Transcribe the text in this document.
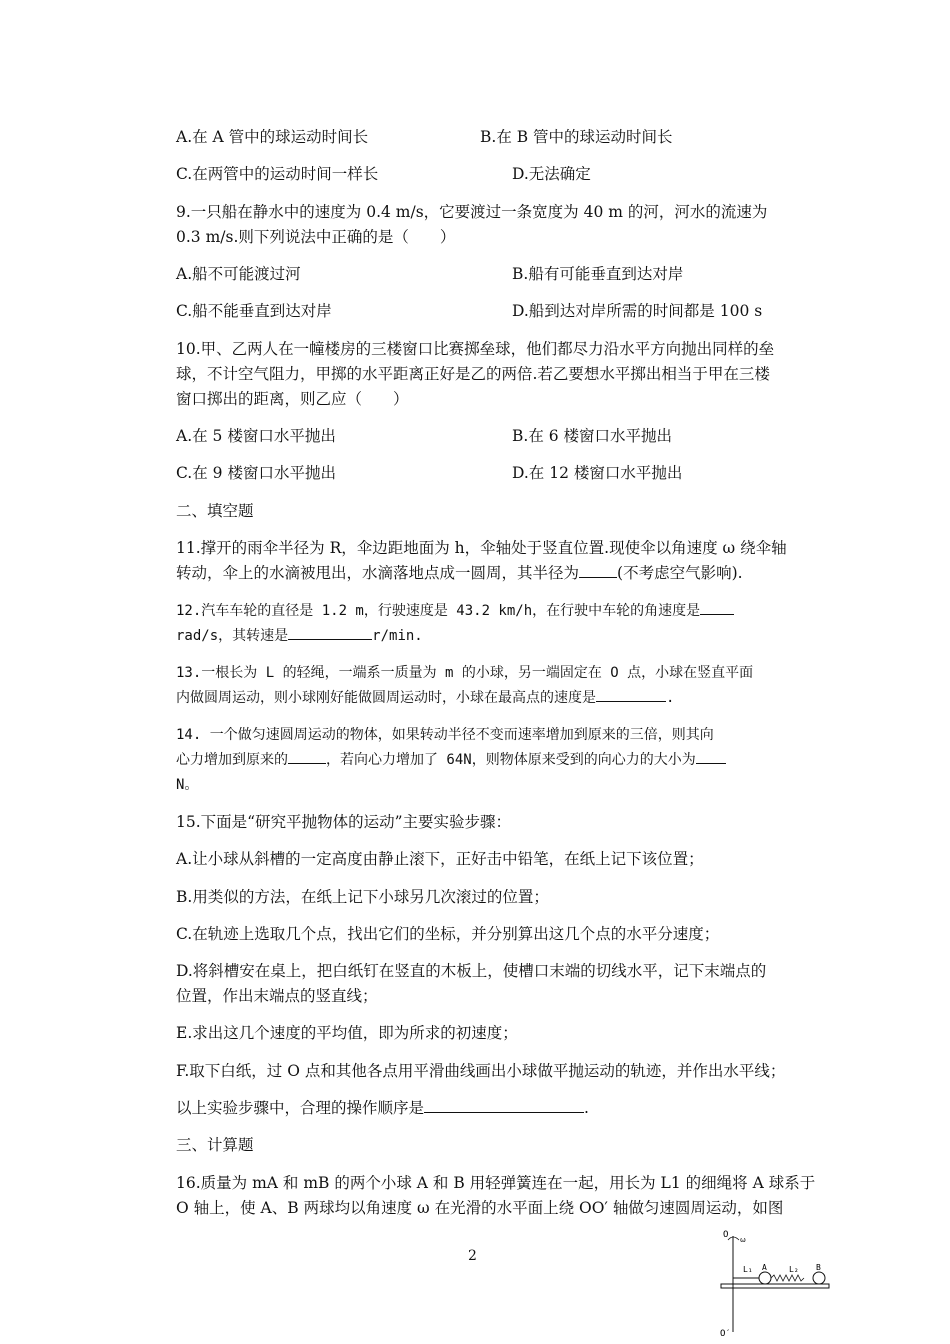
A.在 A 管中的球运动时间长	B.在 B 管中的球运动时间长
C.在两管中的运动时间一样长	D.无法确定
9.一只船在静水中的速度为 0.4 m/s，它要渡过一条宽度为 40 m 的河，河水的流速为
0.3 m/s.则下列说法中正确的是（　　）
A.船不可能渡过河	B.船有可能垂直到达对岸
C.船不能垂直到达对岸	D.船到达对岸所需的时间都是 100 s
10.甲、乙两人在一幢楼房的三楼窗口比赛掷垒球，他们都尽力沿水平方向抛出同样的垒
球，不计空气阻力，甲掷的水平距离正好是乙的两倍.若乙要想水平掷出相当于甲在三楼
窗口掷出的距离，则乙应（　　）
A.在 5 楼窗口水平抛出	B.在 6 楼窗口水平抛出
C.在 9 楼窗口水平抛出	D.在 12 楼窗口水平抛出
二、填空题
11.撑开的雨伞半径为 R，伞边距地面为 h，伞轴处于竖直位置.现使伞以角速度 ω 绕伞轴
转动，伞上的水滴被甩出，水滴落地点成一圆周，其半径为 (不考虑空气影响).
12.汽车车轮的直径是 1.2 m，行驶速度是 43.2 km/h，在行驶中车轮的角速度是
rad/s，其转速是	r/min.
13.一根长为 L 的轻绳，一端系一质量为 m 的小球，另一端固定在 O 点，小球在竖直平面
内做圆周运动，则小球刚好能做圆周运动时，小球在最高点的速度是	.
14. 一个做匀速圆周运动的物体，如果转动半径不变而速率增加到原来的三倍，则其向
心力增加到原来的	，若向心力增加了 64N，则物体原来受到的向心力的大小为
N。
15.下面是“研究平抛物体的运动”主要实验步骤：
A.让小球从斜槽的一定高度由静止滚下，正好击中铅笔，在纸上记下该位置；
B.用类似的方法，在纸上记下小球另几次滚过的位置；
C.在轨迹上选取几个点，找出它们的坐标，并分别算出这几个点的水平分速度；
D.将斜槽安在桌上，把白纸钉在竖直的木板上，使槽口末端的切线水平，记下末端点的
位置，作出末端点的竖直线；
E.求出这几个速度的平均值，即为所求的初速度；
F.取下白纸，过 O 点和其他各点用平滑曲线画出小球做平抛运动的轨迹，并作出水平线；
以上实验步骤中，合理的操作顺序是	.
三、计算题
16.质量为 mA 和 mB 的两个小球 A 和 B 用轻弹簧连在一起，用长为 L1 的细绳将 A 球系于
O 轴上，使 A、B 两球均以角速度 ω 在光滑的水平面上绕 OO′ 轴做匀速圆周运动，如图
2
O ω
L₁ A	L₂ B
O′
